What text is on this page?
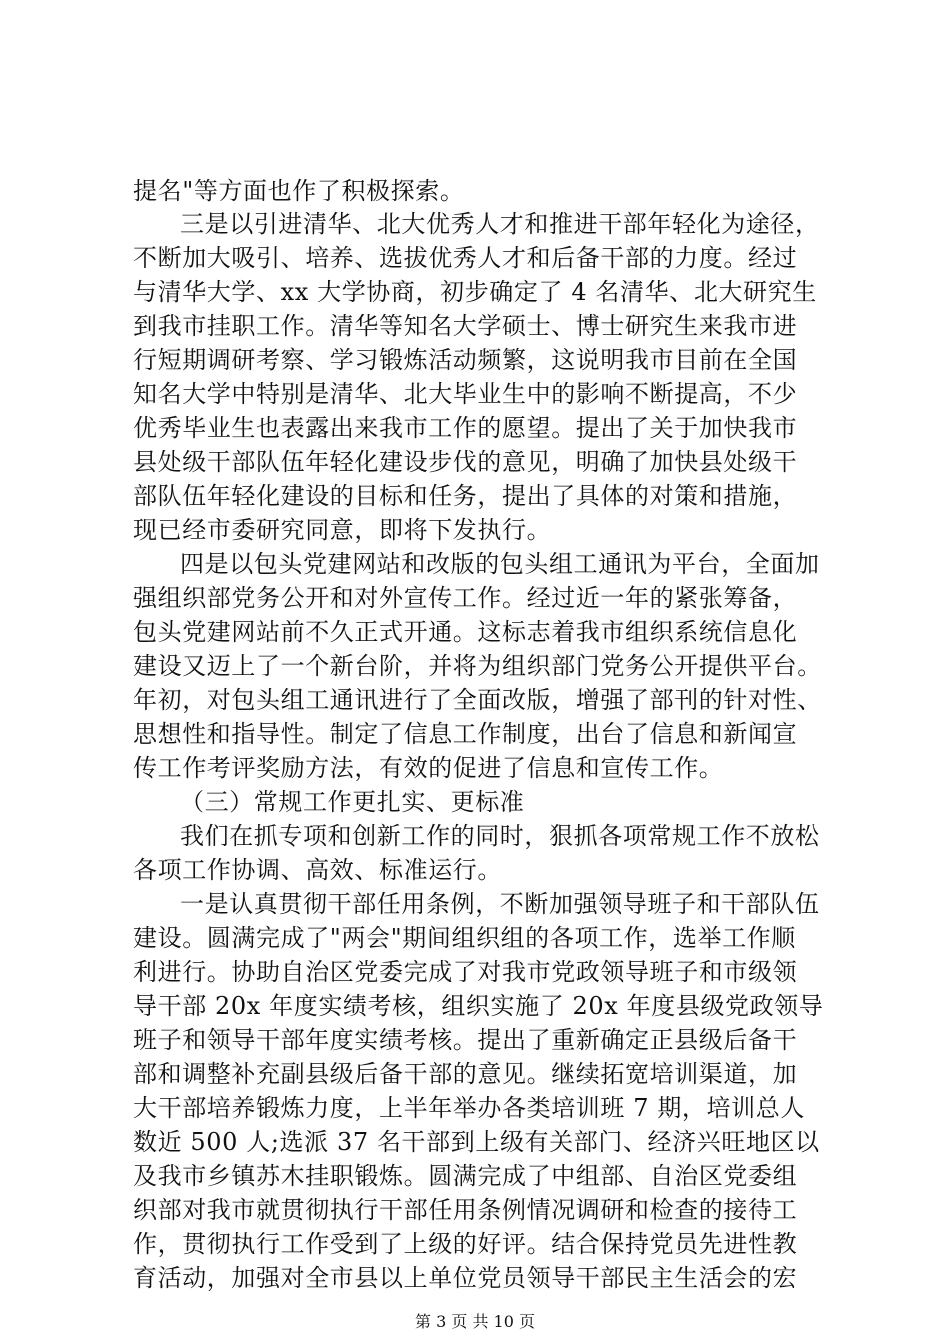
提名"等方面也作了积极探索。
三是以引进清华、北大优秀人才和推进干部年轻化为途径，
不断加大吸引、培养、选拔优秀人才和后备干部的力度。经过
与清华大学、xx 大学协商，初步确定了 4 名清华、北大研究生
到我市挂职工作。清华等知名大学硕士、博士研究生来我市进
行短期调研考察、学习锻炼活动频繁，这说明我市目前在全国
知名大学中特别是清华、北大毕业生中的影响不断提高，不少
优秀毕业生也表露出来我市工作的愿望。提出了关于加快我市
县处级干部队伍年轻化建设步伐的意见，明确了加快县处级干
部队伍年轻化建设的目标和任务，提出了具体的对策和措施，
现已经市委研究同意，即将下发执行。
四是以包头党建网站和改版的包头组工通讯为平台，全面加
强组织部党务公开和对外宣传工作。经过近一年的紧张筹备，
包头党建网站前不久正式开通。这标志着我市组织系统信息化
建设又迈上了一个新台阶，并将为组织部门党务公开提供平台。
年初，对包头组工通讯进行了全面改版，增强了部刊的针对性、
思想性和指导性。制定了信息工作制度，出台了信息和新闻宣
传工作考评奖励方法，有效的促进了信息和宣传工作。
（三）常规工作更扎实、更标准
我们在抓专项和创新工作的同时，狠抓各项常规工作不放松
各项工作协调、高效、标准运行。
一是认真贯彻干部任用条例，不断加强领导班子和干部队伍
建设。圆满完成了"两会"期间组织组的各项工作，选举工作顺
利进行。协助自治区党委完成了对我市党政领导班子和市级领
导干部 20x 年度实绩考核，组织实施了 20x 年度县级党政领导
班子和领导干部年度实绩考核。提出了重新确定正县级后备干
部和调整补充副县级后备干部的意见。继续拓宽培训渠道，加
大干部培养锻炼力度，上半年举办各类培训班 7 期，培训总人
数近 500 人;选派 37 名干部到上级有关部门、经济兴旺地区以
及我市乡镇苏木挂职锻炼。圆满完成了中组部、自治区党委组
织部对我市就贯彻执行干部任用条例情况调研和检查的接待工
作，贯彻执行工作受到了上级的好评。结合保持党员先进性教
育活动，加强对全市县以上单位党员领导干部民主生活会的宏
第 3 页 共 10 页
